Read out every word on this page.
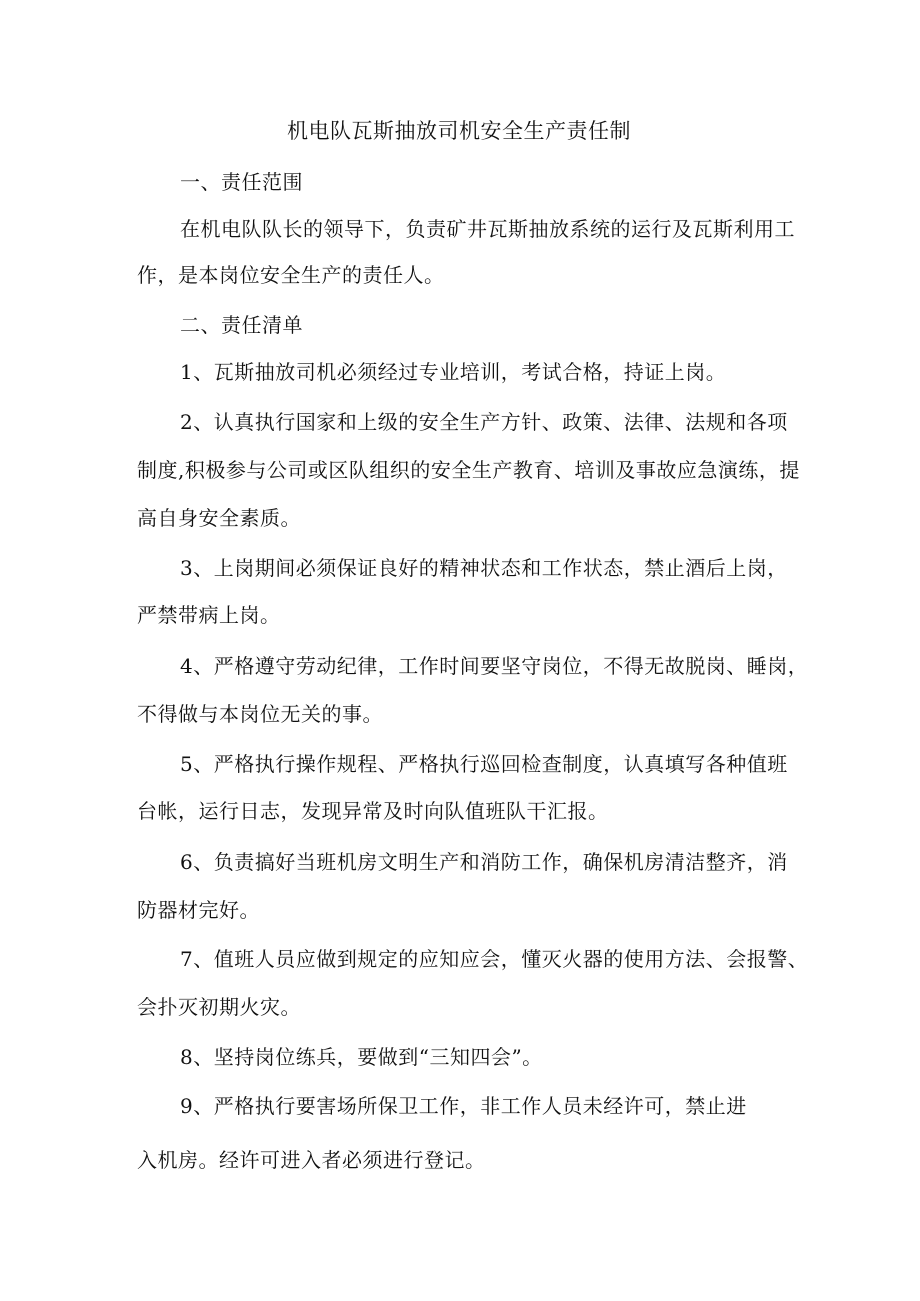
机电队瓦斯抽放司机安全生产责任制
一、责任范围
在机电队队长的领导下，负责矿井瓦斯抽放系统的运行及瓦斯利用工
作，是本岗位安全生产的责任人。
二、责任清单
1、瓦斯抽放司机必须经过专业培训，考试合格，持证上岗。
2、认真执行国家和上级的安全生产方针、政策、法律、法规和各项
制度,积极参与公司或区队组织的安全生产教育、培训及事故应急演练，提
高自身安全素质。
3、上岗期间必须保证良好的精神状态和工作状态，禁止酒后上岗，
严禁带病上岗。
4、严格遵守劳动纪律，工作时间要坚守岗位，不得无故脱岗、睡岗，
不得做与本岗位无关的事。
5、严格执行操作规程、严格执行巡回检查制度，认真填写各种值班
台帐，运行日志，发现异常及时向队值班队干汇报。
6、负责搞好当班机房文明生产和消防工作，确保机房清洁整齐，消
防器材完好。
7、值班人员应做到规定的应知应会，懂灭火器的使用方法、会报警、
会扑灭初期火灾。
8、坚持岗位练兵，要做到“三知四会”。
9、严格执行要害场所保卫工作，非工作人员未经许可，禁止进
入机房。经许可进入者必须进行登记。
